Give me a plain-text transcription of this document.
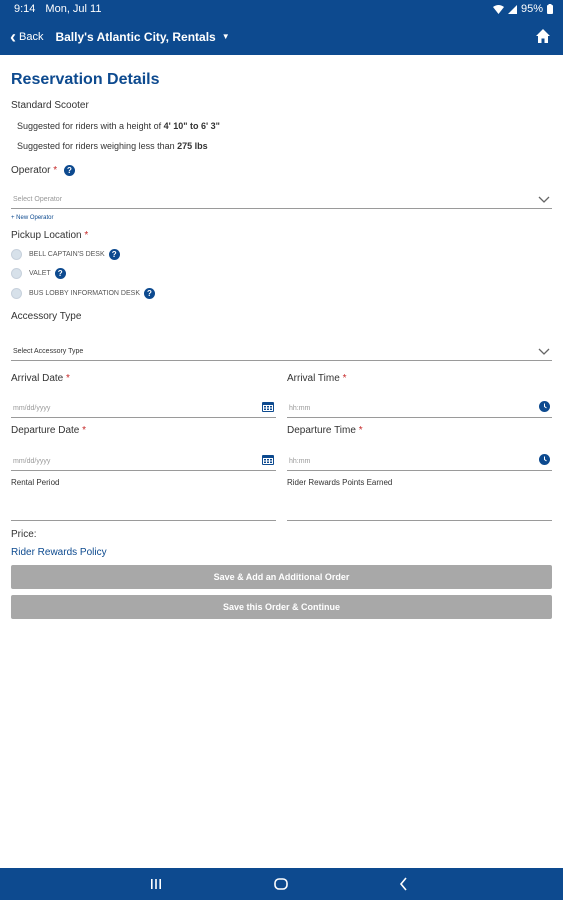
9:14 Mon, Jul 11	95%
‹ Back Bally's Atlantic City, Rentals ▼
Reservation Details
Standard Scooter
Suggested for riders with a height of 4' 10" to 6' 3"
Suggested for riders weighing less than 275 lbs
Operator * ?
Select Operator
+ New Operator
Pickup Location *
BELL CAPTAIN'S DESK ?
VALET ?
BUS LOBBY INFORMATION DESK ?
Accessory Type
Select Accessory Type
Arrival Date *
mm/dd/yyyy
Arrival Time *
hh:mm
Departure Date *
mm/dd/yyyy
Departure Time *
hh:mm
Rental Period	Rider Rewards Points Earned
Price:
Rider Rewards Policy
Save & Add an Additional Order
Save this Order & Continue
